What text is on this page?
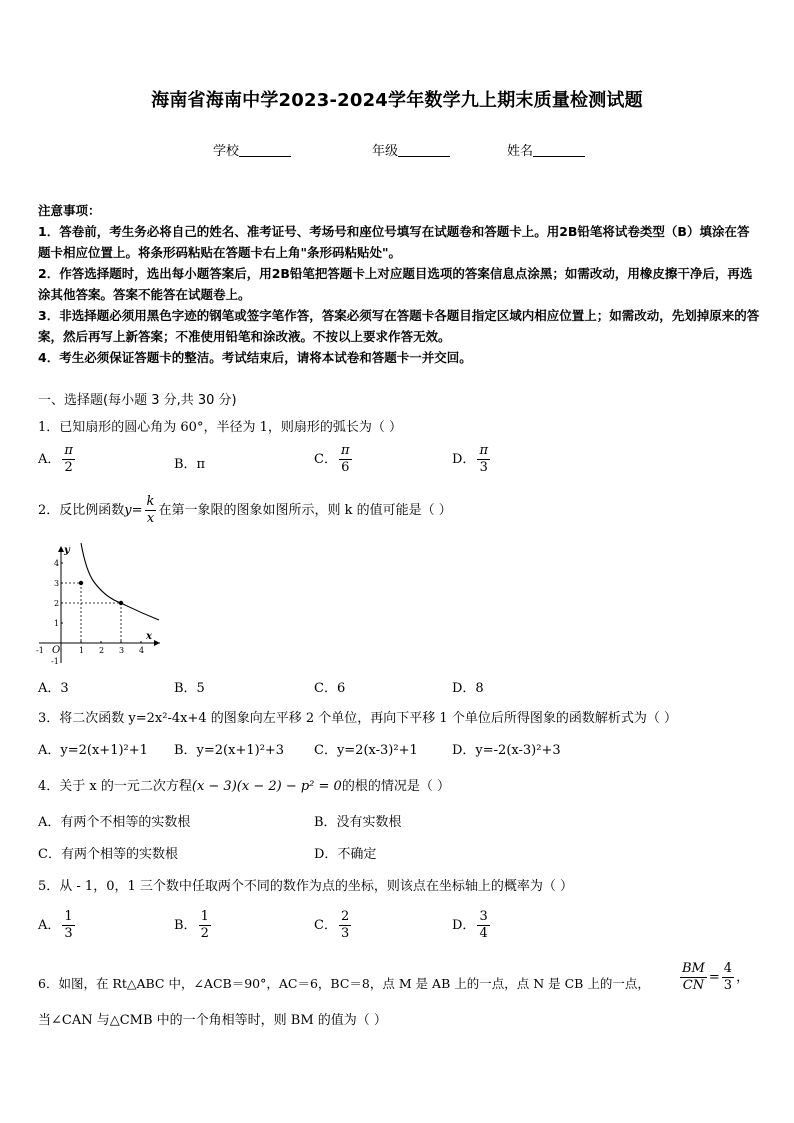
海南省海南中学2023-2024学年数学九上期末质量检测试题
学校	年级	姓名
注意事项：
1．答卷前，考生务必将自己的姓名、准考证号、考场号和座位号填写在试题卷和答题卡上。用2B铅笔将试卷类型（B）填涂在答题卡相应位置上。将条形码粘贴在答题卡右上角"条形码粘贴处"。
2．作答选择题时，选出每小题答案后，用2B铅笔把答题卡上对应题目选项的答案信息点涂黑；如需改动，用橡皮擦干净后，再选涂其他答案。答案不能答在试题卷上。
3．非选择题必须用黑色字迹的钢笔或签字笔作答，答案必须写在答题卡各题目指定区域内相应位置上；如需改动，先划掉原来的答案，然后再写上新答案；不准使用铅笔和涂改液。不按以上要求作答无效。
4．考生必须保证答题卡的整洁。考试结束后，请将本试卷和答题卡一并交回。
一、选择题(每小题 3 分,共 30 分)
1．已知扇形的圆心角为 60°，半径为 1，则扇形的弧长为（ ）
A． $\frac{\pi}{2}$	B．π	C． $\frac{\pi}{6}$	D． $\frac{\pi}{3}$
2．反比例函数$y= \frac{k}{x}$ 在第一象限的图象如图所示，则 k 的值可能是（ ）
y
x
O
4
3
2
1
-1
-1	1 2 3 4
A．3	B．5	C．6	D．8
3．将二次函数 y=2x²-4x+4 的图象向左平移 2 个单位，再向下平移 1 个单位后所得图象的函数解析式为（ ）
A．y=2(x+1)²+1 B．y=2(x+1)²+3 C．y=2(x-3)²+1	D．y=-2(x-3)²+3
4．关于 x 的一元二次方程(x − 3)(x − 2) − p² = 0的根的情况是（ ）
A．有两个不相等的实数根	B．没有实数根
C．有两个相等的实数根	D．不确定
5．从 - 1，0，1 三个数中任取两个不同的数作为点的坐标，则该点在坐标轴上的概率为（ ）
A． $\frac{1}{3}$	B． $\frac{1}{2}$	C． $\frac{2}{3}$	D． $\frac{3}{4}$
6．如图，在 Rt△ABC 中，∠ACB＝90°，AC＝6，BC＝8，点 M 是 AB 上的一点，点 N 是 CB 上的一点， $\frac{BM}{CN} = \frac{4}{3}$ ，
当∠CAN 与△CMB 中的一个角相等时，则 BM 的值为（ ）
